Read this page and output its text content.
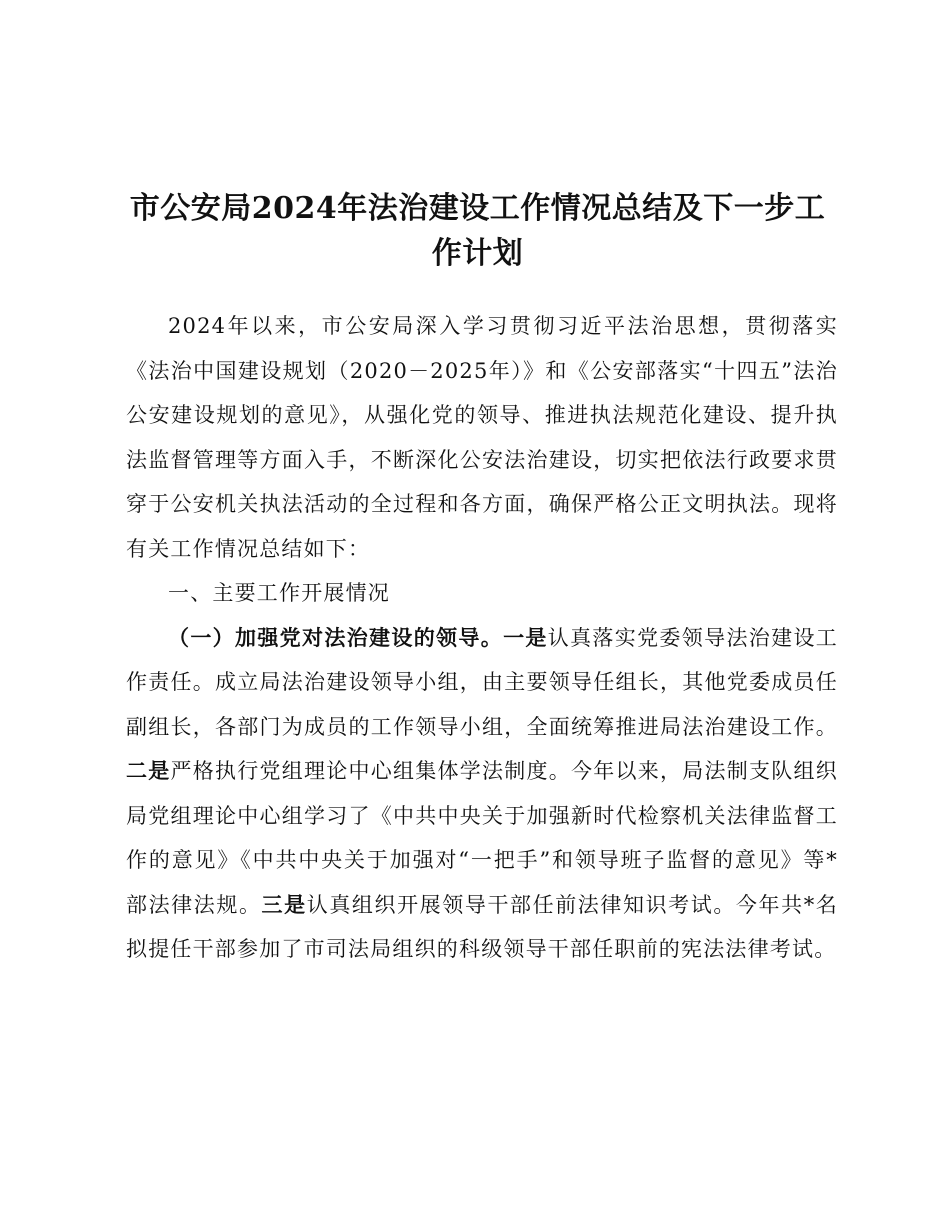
市公安局2024年法治建设工作情况总结及下一步工作计划

2024年以来，市公安局深入学习贯彻习近平法治思想，贯彻落实《法治中国建设规划（2020－2025年）》和《公安部落实“十四五”法治公安建设规划的意见》，从强化党的领导、推进执法规范化建设、提升执法监督管理等方面入手，不断深化公安法治建设，切实把依法行政要求贯穿于公安机关执法活动的全过程和各方面，确保严格公正文明执法。现将有关工作情况总结如下：

一、主要工作开展情况

（一）加强党对法治建设的领导。一是认真落实党委领导法治建设工作责任。成立局法治建设领导小组，由主要领导任组长，其他党委成员任副组长，各部门为成员的工作领导小组，全面统筹推进局法治建设工作。二是严格执行党组理论中心组集体学法制度。今年以来，局法制支队组织局党组理论中心组学习了《中共中央关于加强新时代检察机关法律监督工作的意见》《中共中央关于加强对“一把手”和领导班子监督的意见》等*部法律法规。三是认真组织开展领导干部任前法律知识考试。今年共*名拟提任干部参加了市司法局组织的科级领导干部任职前的宪法法律考试。
